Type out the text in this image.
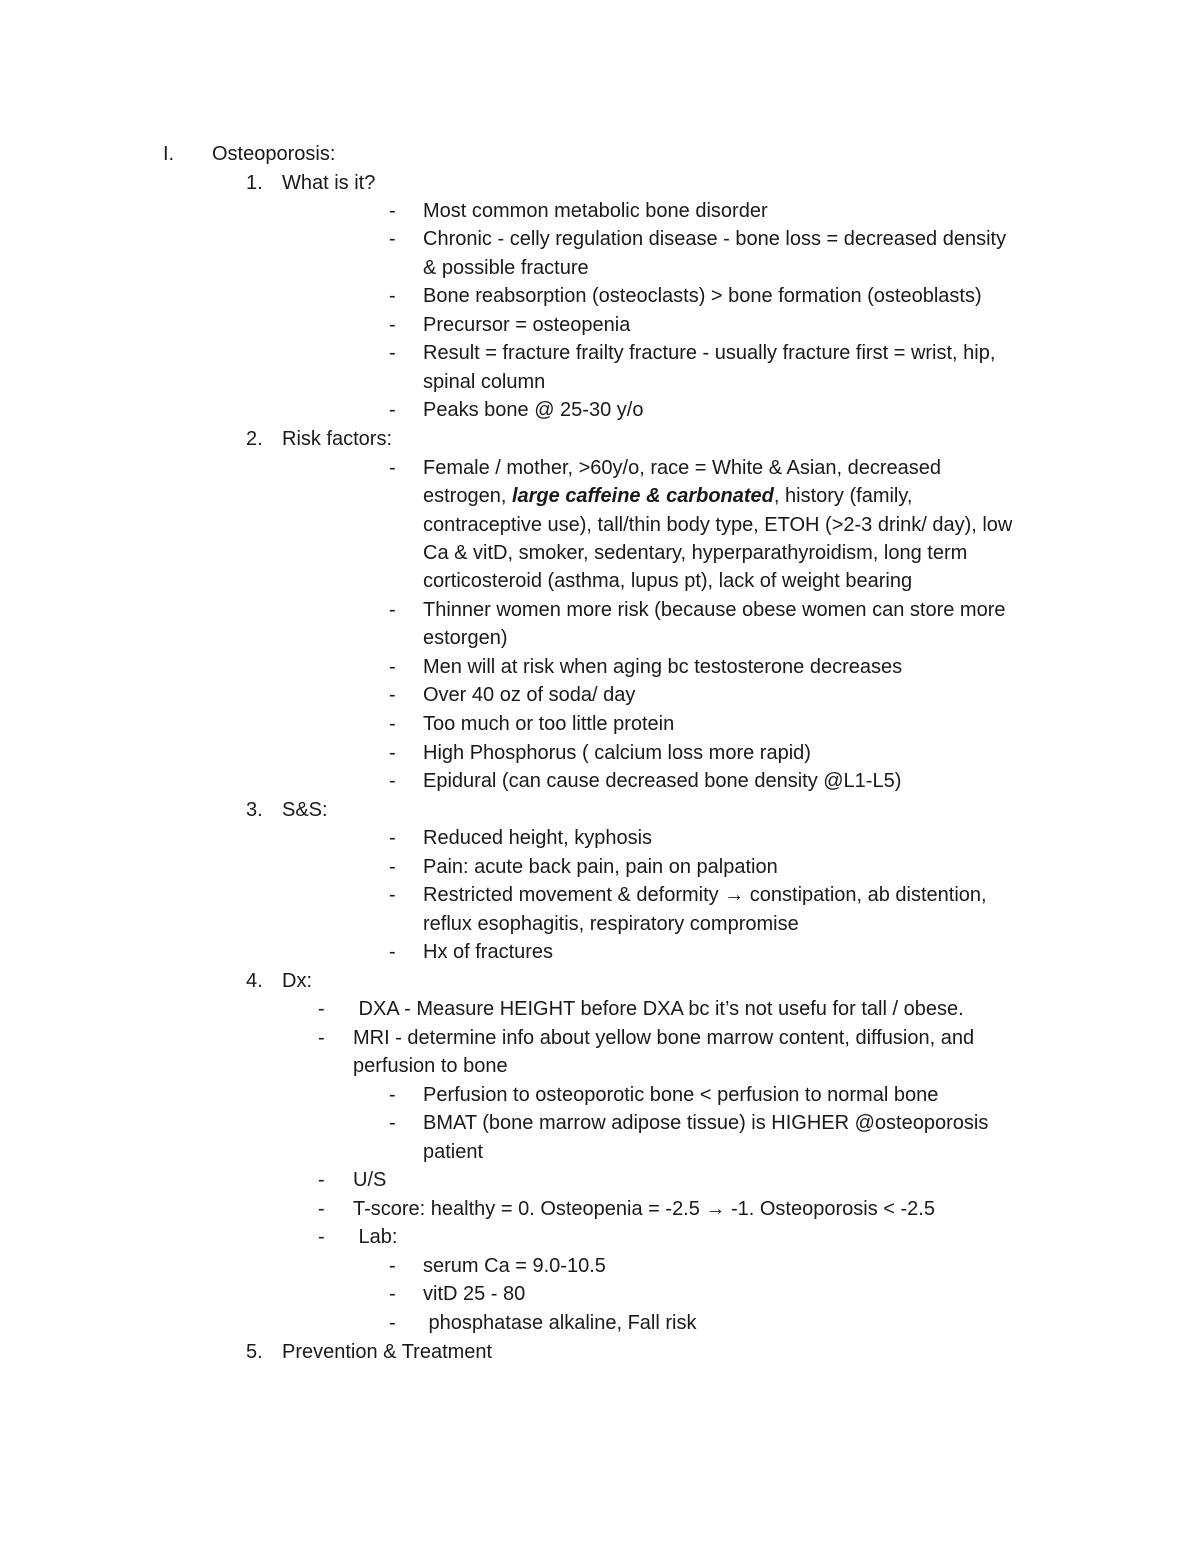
I. Osteoporosis:
1. What is it?
- Most common metabolic bone disorder
- Chronic - celly regulation disease - bone loss = decreased density
& possible fracture
- Bone reabsorption (osteoclasts) > bone formation (osteoblasts)
- Precursor = osteopenia
- Result = fracture frailty fracture - usually fracture first = wrist, hip,
spinal column
- Peaks bone @ 25-30 y/o
2. Risk factors:
- Female / mother, >60y/o, race = White & Asian, decreased
estrogen, large caffeine & carbonated, history (family,
contraceptive use), tall/thin body type, ETOH (>2-3 drink/ day), low
Ca & vitD, smoker, sedentary, hyperparathyroidism, long term
corticosteroid (asthma, lupus pt), lack of weight bearing
- Thinner women more risk (because obese women can store more
estorgen)
- Men will at risk when aging bc testosterone decreases
- Over 40 oz of soda/ day
- Too much or too little protein
- High Phosphorus ( calcium loss more rapid)
- Epidural (can cause decreased bone density @L1-L5)
3. S&S:
- Reduced height, kyphosis
- Pain: acute back pain, pain on palpation
- Restricted movement & deformity → constipation, ab distention,
reflux esophagitis, respiratory compromise
- Hx of fractures
4. Dx:
- DXA - Measure HEIGHT before DXA bc it’s not usefu for tall / obese.
- MRI - determine info about yellow bone marrow content, diffusion, and
perfusion to bone
- Perfusion to osteoporotic bone < perfusion to normal bone
- BMAT (bone marrow adipose tissue) is HIGHER @osteoporosis
patient
- U/S
- T-score: healthy = 0. Osteopenia = -2.5 → -1. Osteoporosis < -2.5
- Lab:
- serum Ca = 9.0-10.5
- vitD 25 - 80
- phosphatase alkaline, Fall risk
5. Prevention & Treatment
